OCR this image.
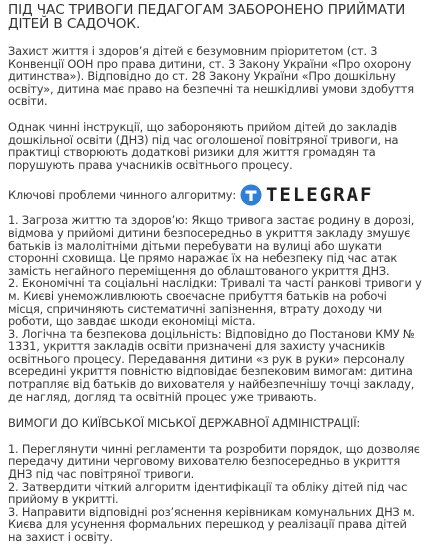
ПІД ЧАС ТРИВОГИ ПЕДАГОГАМ ЗАБОРОНЕНО ПРИЙМАТИ ДІТЕЙ В САДОЧОК.

Захист життя і здоров’я дітей є безумовним пріоритетом (ст. 3 Конвенції ООН про права дитини, ст. 3 Закону України «Про охорону дитинства»). Відповідно до ст. 28 Закону України «Про дошкільну освіту», дитина має право на безпечні та нешкідливі умови здобуття освіти.

Однак чинні інструкції, що забороняють прийом дітей до закладів дошкільної освіти (ДНЗ) під час оголошеної повітряної тривоги, на практиці створюють додаткові ризики для життя громадян та порушують права учасників освітнього процесу.

Ключові проблеми чинного алгоритму: TELEGRAF

1. Загроза життю та здоров’ю: Якщо тривога застає родину в дорозі, відмова у прийомі дитини безпосередньо в укриття закладу змушує батьків із малолітніми дітьми перебувати на вулиці або шукати сторонні сховища. Це прямо наражає їх на небезпеку під час атак замість негайного переміщення до облаштованого укриття ДНЗ.

2. Економічні та соціальні наслідки: Тривалі та часті ранкові тривоги у м. Києві унеможливлюють своєчасне прибуття батьків на робочі місця, спричиняють систематичні запізнення, втрату доходу чи роботи, що завдає шкоди економіці міста.

3. Логічна та безпекова доцільність: Відповідно до Постанови КМУ № 1331, укриття закладів освіти призначені для захисту учасників освітнього процесу. Передавання дитини «з рук в руки» персоналу всередині укриття повністю відповідає безпековим вимогам: дитина потрапляє від батьків до вихователя у найбезпечнішу точці закладу, де нагляд, догляд та освітній процес уже тривають.

ВИМОГИ ДО КИЇВСЬКОЇ МІСЬКОЇ ДЕРЖАВНОЇ АДМІНІСТРАЦІЇ:

1. Переглянути чинні регламенти та розробити порядок, що дозволяє передачу дитини черговому вихователю безпосередньо в укриття ДНЗ під час повітряної тривоги.

2. Затвердити чіткий алгоритм ідентифікації та обліку дітей під час прийому в укритті.

3. Направити відповідні роз’яснення керівникам комунальних ДНЗ м. Києва для усунення формальних перешкод у реалізації права дітей на захист і освіту.
